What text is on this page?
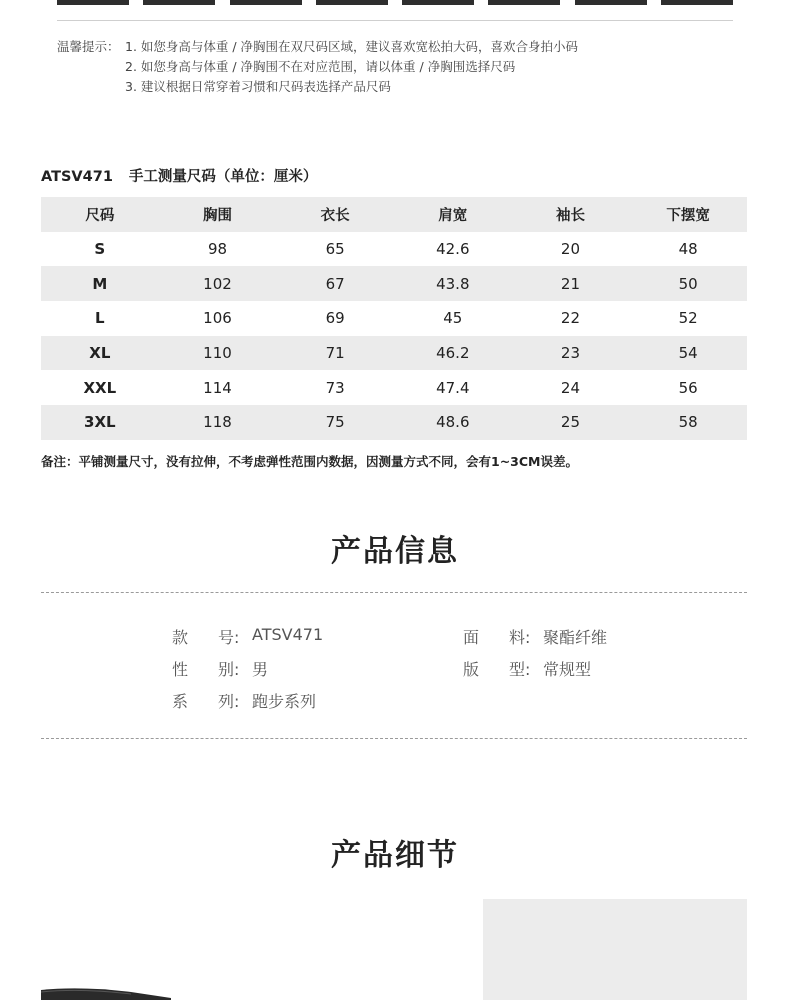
温馨提示： 1. 如您身高与体重 / 净胸围在双尺码区域，建议喜欢宽松拍大码，喜欢合身拍小码
2. 如您身高与体重 / 净胸围不在对应范围，请以体重 / 净胸围选择尺码
3. 建议根据日常穿着习惯和尺码表选择产品尺码
ATSV471 手工测量尺码（单位：厘米）
尺码	胸围	衣长	肩宽	袖长	下摆宽
S	98	65	42.6	20	48
M	102	67	43.8	21	50
L	106	69	45	22	52
XL	110	71	46.2	23	54
XXL	114	73	47.4	24	56
3XL	118	75	48.6	25	58
备注：平铺测量尺寸，没有拉伸，不考虑弹性范围内数据，因测量方式不同，会有1~3CM误差。
产品信息
款	号: ATSV471	面	料: 聚酯纤维
性	别: 男	版	型: 常规型
系	列: 跑步系列
产品细节
